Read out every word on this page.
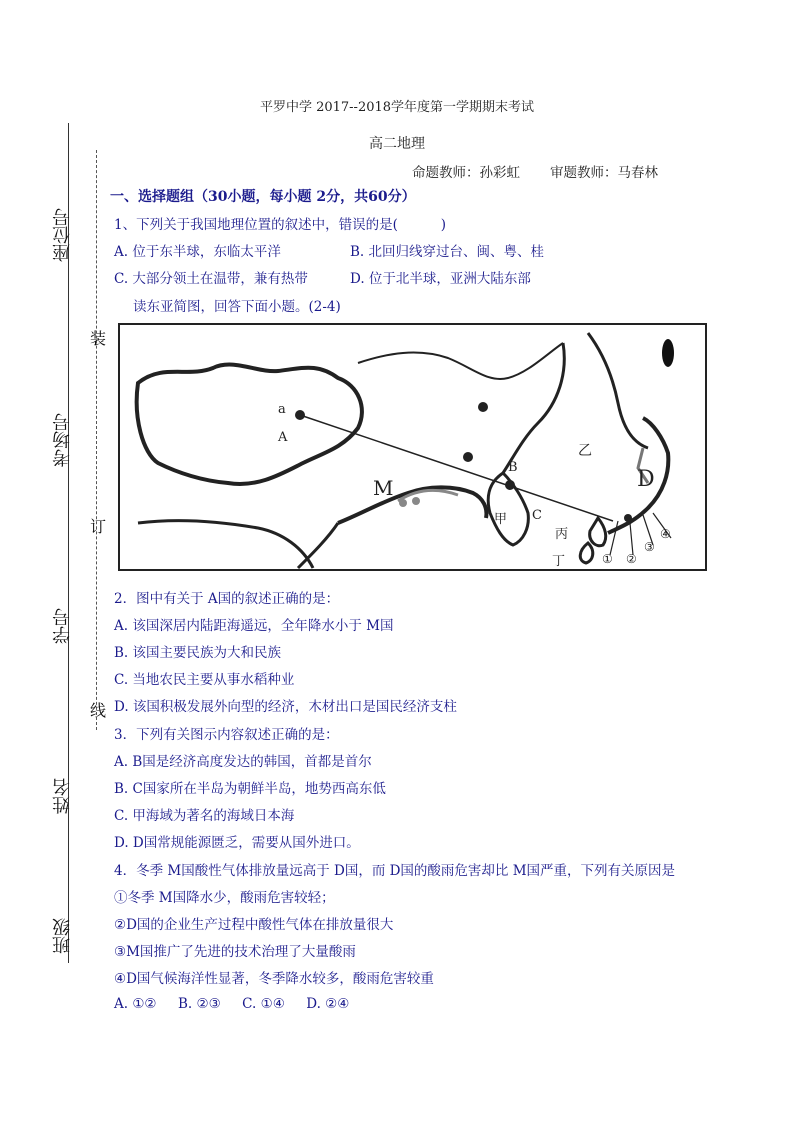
平罗中学 2017--2018学年度第一学期期末考试
高二地理
命题教师：孙彩虹       审题教师：马春林
座位号
考场号
学号
姓名
班级
装
订
线
一、选择题组（30小题，每小题 2分，共60分）
1、下列关于我国地理位置的叙述中，错误的是(          )
A. 位于东半球，东临太平洋	B. 北回归线穿过台、闽、粤、桂
C. 大部分领土在温带，兼有热带	D. 位于北半球，亚洲大陆东部
读东亚简图，回答下面小题。(2-4)
a
A
M
B
C
甲
乙
丙
丁
D
① ②
③
④
2．图中有关于 A国的叙述正确的是：
A. 该国深居内陆距海遥远，全年降水小于 M国
B. 该国主要民族为大和民族
C. 当地农民主要从事水稻种业
D. 该国积极发展外向型的经济，木材出口是国民经济支柱
3．下列有关图示内容叙述正确的是：
A. B国是经济高度发达的韩国，首都是首尔
B. C国家所在半岛为朝鲜半岛，地势西高东低
C. 甲海域为著名的海域日本海
D. D国常规能源匮乏，需要从国外进口。
4．冬季 M国酸性气体排放量远高于 D国，而 D国的酸雨危害却比 M国严重，下列有关原因是
①冬季 M国降水少，酸雨危害较轻；
②D国的企业生产过程中酸性气体在排放量很大
③M国推广了先进的技术治理了大量酸雨
④D国气候海洋性显著，冬季降水较多，酸雨危害较重
A. ①②     B. ②③     C. ①④     D. ②④
